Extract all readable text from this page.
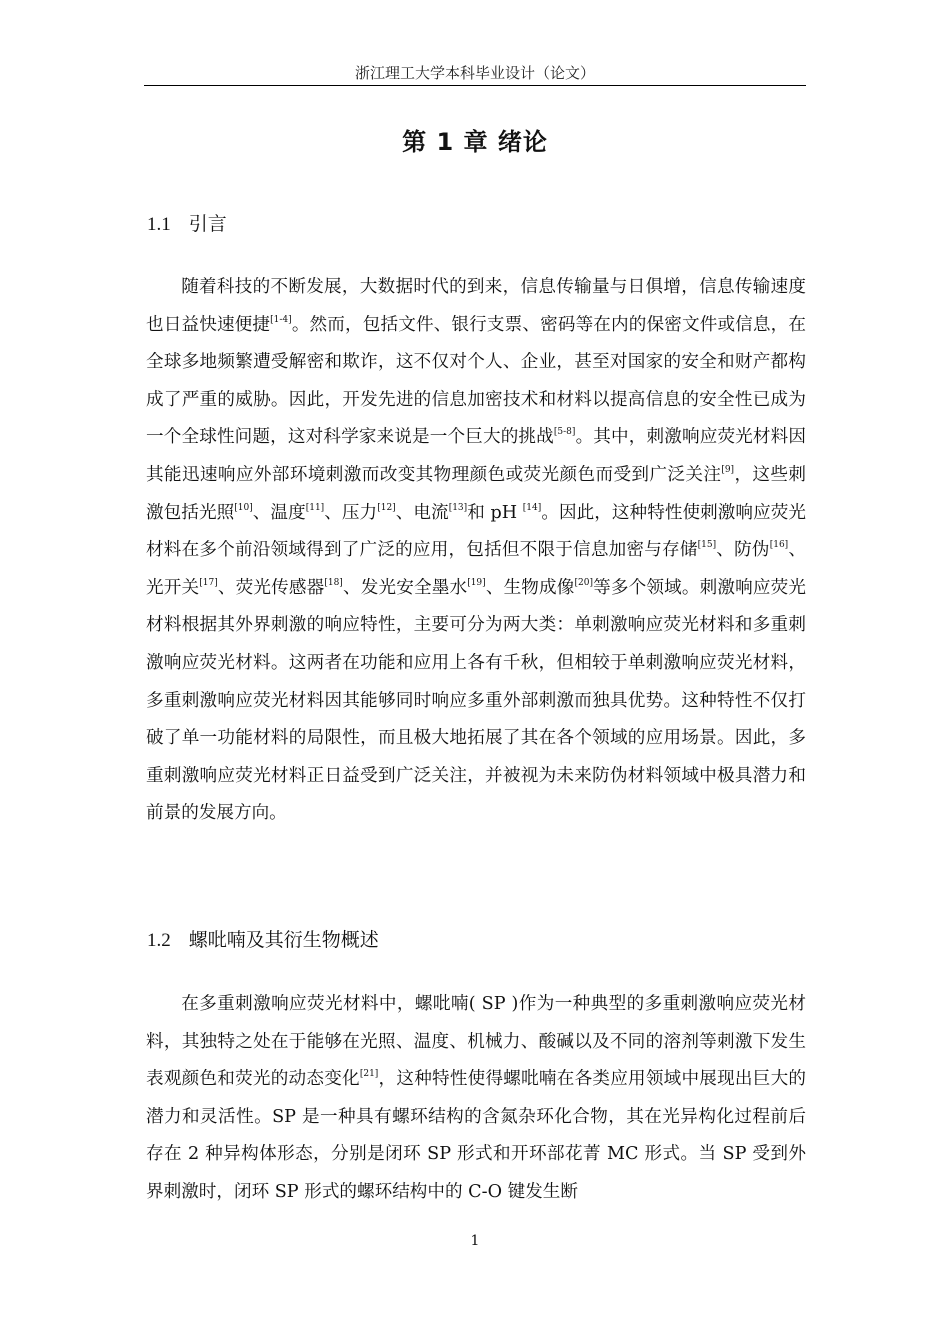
浙江理工大学本科毕业设计（论文）
第 1 章 绪论
1.1 引言

随着科技的不断发展，大数据时代的到来，信息传输量与日俱增，信息传输速度也日益快速便捷[1-4]。然而，包括文件、银行支票、密码等在内的保密文件或信息，在全球多地频繁遭受解密和欺诈，这不仅对个人、企业，甚至对国家的安全和财产都构成了严重的威胁。因此，开发先进的信息加密技术和材料以提高信息的安全性已成为一个全球性问题，这对科学家来说是一个巨大的挑战[5-8]。其中，刺激响应荧光材料因其能迅速响应外部环境刺激而改变其物理颜色或荧光颜色而受到广泛关注[9]，这些刺激包括光照[10]、温度[11]、压力[12]、电流[13]和 pH [14]。因此，这种特性使刺激响应荧光材料在多个前沿领域得到了广泛的应用，包括但不限于信息加密与存储[15]、防伪[16]、光开关[17]、荧光传感器[18]、发光安全墨水[19]、生物成像[20]等多个领域。刺激响应荧光材料根据其外界刺激的响应特性，主要可分为两大类：单刺激响应荧光材料和多重刺激响应荧光材料。这两者在功能和应用上各有千秋，但相较于单刺激响应荧光材料，多重刺激响应荧光材料因其能够同时响应多重外部刺激而独具优势。这种特性不仅打破了单一功能材料的局限性，而且极大地拓展了其在各个领域的应用场景。因此，多重刺激响应荧光材料正日益受到广泛关注，并被视为未来防伪材料领域中极具潜力和前景的发展方向。

1.2 螺吡喃及其衍生物概述

在多重刺激响应荧光材料中，螺吡喃( SP )作为一种典型的多重刺激响应荧光材料，其独特之处在于能够在光照、温度、机械力、酸碱以及不同的溶剂等刺激下发生表观颜色和荧光的动态变化[21]，这种特性使得螺吡喃在各类应用领域中展现出巨大的潜力和灵活性。SP 是一种具有螺环结构的含氮杂环化合物，其在光异构化过程前后存在 2 种异构体形态，分别是闭环 SP 形式和开环部花菁 MC 形式。当 SP 受到外界刺激时，闭环 SP 形式的螺环结构中的 C-O 键发生断

1
